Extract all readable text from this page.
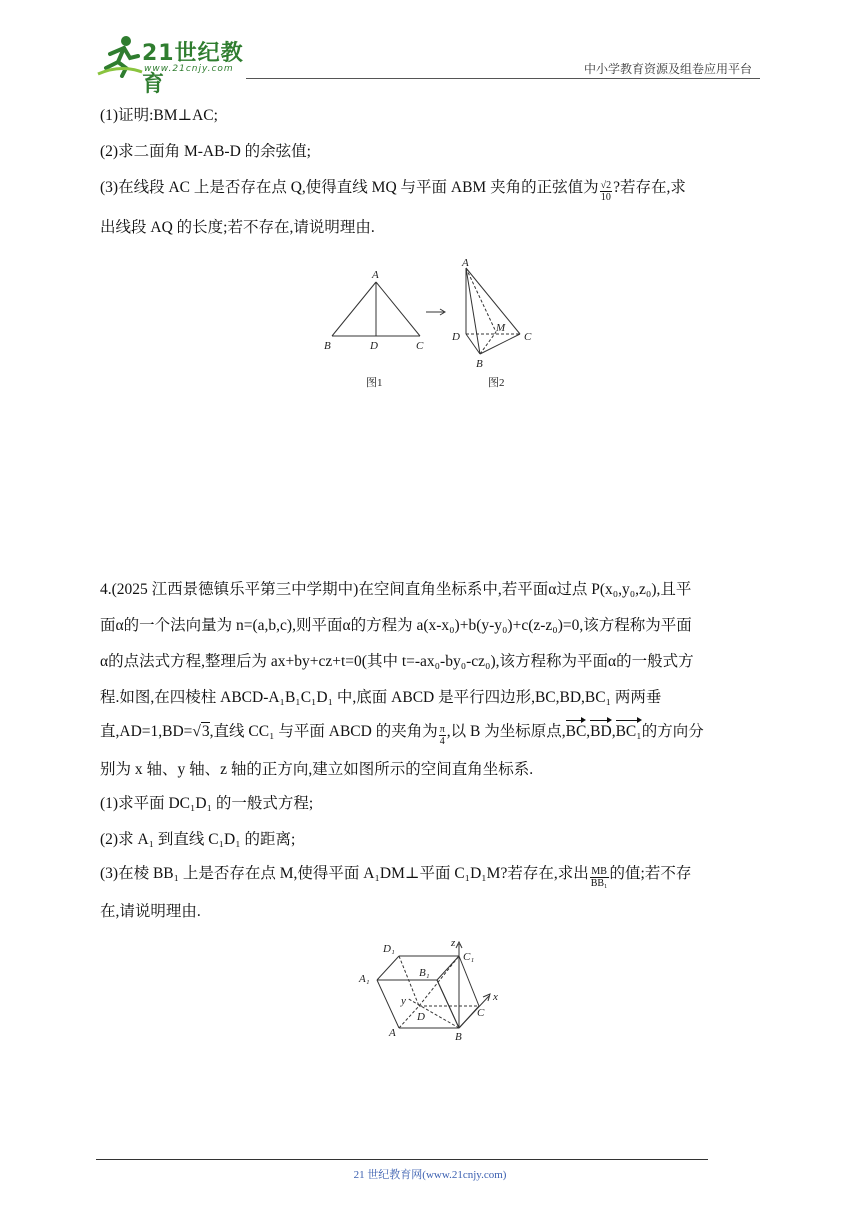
21世纪教育
www.21cnjy.com	中小学教育资源及组卷应用平台
(1)证明:BM⊥AC;
(2)求二面角 M-AB-D 的余弦值;
(3)在线段 AC 上是否存在点 Q,使得直线 MQ 与平面 ABM 夹角的正弦值为 $\frac{√2}{10}$ ?若存在,求
出线段 AQ 的长度;若不存在,请说明理由.
A
B	D	C
图1
A
D
M
C
B
图2
4.(2025 江西景德镇乐平第三中学期中)在空间直角坐标系中,若平面α过点 P(x₀,y₀,z₀),且平
面α的一个法向量为 n=(a,b,c),则平面α的方程为 a(x-x₀)+b(y-y₀)+c(z-z₀)=0,该方程称为平面
α的点法式方程,整理后为 ax+by+cz+t=0(其中 t=-ax₀-by₀-cz₀),该方程称为平面α的一般式方
程.如图,在四棱柱 ABCD-A₁B₁C₁D₁ 中,底面 ABCD 是平行四边形,BC,BD,BC₁ 两两垂
直,AD=1,BD=√3,直线 CC₁ 与平面 ABCD 的夹角为 $\frac{\pi}{4}$ ,以 B 为坐标原点,BC,BD,BC₁的方向分
别为 x 轴、y 轴、z 轴的正方向,建立如图所示的空间直角坐标系.
(1)求平面 DC₁D₁ 的一般式方程;
(2)求 A₁ 到直线 C₁D₁ 的距离;
(3)在棱 BB₁ 上是否存在点 M,使得平面 A₁DM⊥平面 C₁D₁M?若存在,求出 $\frac{MB}{\text{BB₁}}$ 的值;若不存
在,请说明理由.
D₁	z
C₁
A₁	B₁
y	x
D	C
A	B
21 世纪教育网(www.21cnjy.com)
